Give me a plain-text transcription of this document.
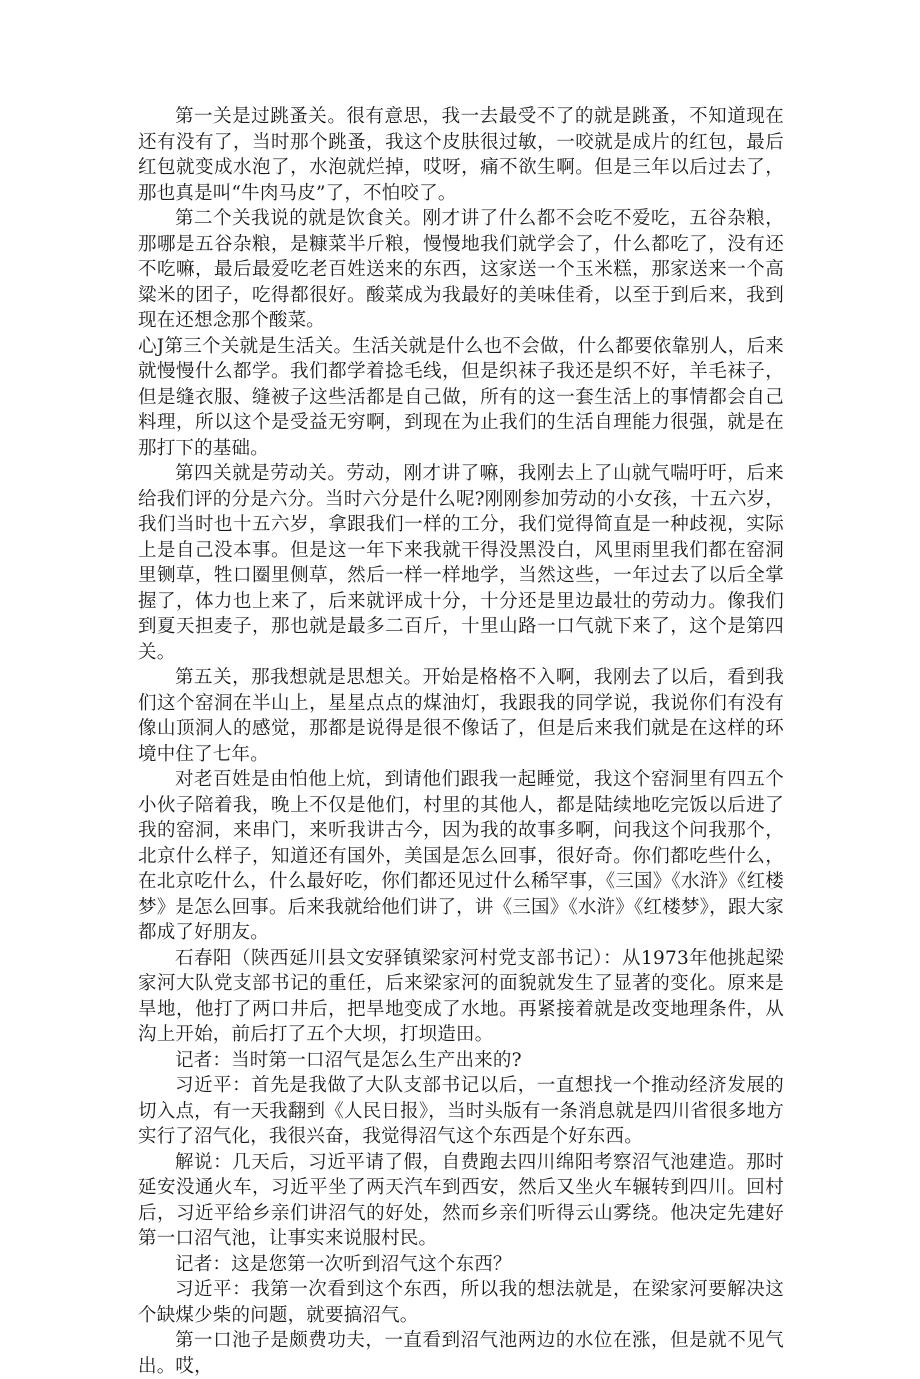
第一关是过跳蚤关。很有意思，我一去最受不了的就是跳蚤，不知道现在还有没有了，当时那个跳蚤，我这个皮肤很过敏，一咬就是成片的红包，最后红包就变成水泡了，水泡就烂掉，哎呀，痛不欲生啊。但是三年以后过去了，那也真是叫“牛肉马皮”了，不怕咬了。

第二个关我说的就是饮食关。刚才讲了什么都不会吃不爱吃，五谷杂粮，那哪是五谷杂粮，是糠菜半斤粮，慢慢地我们就学会了，什么都吃了，没有还不吃嘛，最后最爱吃老百姓送来的东西，这家送一个玉米糕，那家送来一个高粱米的团子，吃得都很好。酸菜成为我最好的美味佳肴，以至于到后来，我到现在还想念那个酸菜。

心J第三个关就是生活关。生活关就是什么也不会做，什么都要依靠别人，后来就慢慢什么都学。我们都学着捻毛线，但是织袜子我还是织不好，羊毛袜子，但是缝衣服、缝被子这些活都是自己做，所有的这一套生活上的事情都会自己料理，所以这个是受益无穷啊，到现在为止我们的生活自理能力很强，就是在那打下的基础。

第四关就是劳动关。劳动，刚才讲了嘛，我刚去上了山就气喘吁吁，后来给我们评的分是六分。当时六分是什么呢?刚刚参加劳动的小女孩，十五六岁，我们当时也十五六岁，拿跟我们一样的工分，我们觉得简直是一种歧视，实际上是自己没本事。但是这一年下来我就干得没黑没白，风里雨里我们都在窑洞里铡草，牲口圈里侧草，然后一样一样地学，当然这些，一年过去了以后全掌握了，体力也上来了，后来就评成十分，十分还是里边最壮的劳动力。像我们到夏天担麦子，那也就是最多二百斤，十里山路一口气就下来了，这个是第四关。

第五关，那我想就是思想关。开始是格格不入啊，我刚去了以后，看到我们这个窑洞在半山上，星星点点的煤油灯，我跟我的同学说，我说你们有没有像山顶洞人的感觉，那都是说得是很不像话了，但是后来我们就是在这样的环境中住了七年。

对老百姓是由怕他上炕，到请他们跟我一起睡觉，我这个窑洞里有四五个小伙子陪着我，晚上不仅是他们，村里的其他人，都是陆续地吃完饭以后进了我的窑洞，来串门，来听我讲古今，因为我的故事多啊，问我这个问我那个，北京什么样子，知道还有国外，美国是怎么回事，很好奇。你们都吃些什么，在北京吃什么，什么最好吃，你们都还见过什么稀罕事，《三国》《水浒》《红楼梦》是怎么回事。后来我就给他们讲了，讲《三国》《水浒》《红楼梦》，跟大家都成了好朋友。

石春阳（陕西延川县文安驿镇梁家河村党支部书记）：从1973年他挑起梁家河大队党支部书记的重任，后来梁家河的面貌就发生了显著的变化。原来是旱地，他打了两口井后，把旱地变成了水地。再紧接着就是改变地理条件，从沟上开始，前后打了五个大坝，打坝造田。

记者：当时第一口沼气是怎么生产出来的?

习近平：首先是我做了大队支部书记以后，一直想找一个推动经济发展的切入点，有一天我翻到《人民日报》，当时头版有一条消息就是四川省很多地方实行了沼气化，我很兴奋，我觉得沼气这个东西是个好东西。

解说：几天后，习近平请了假，自费跑去四川绵阳考察沼气池建造。那时延安没通火车，习近平坐了两天汽车到西安，然后又坐火车辗转到四川。回村后，习近平给乡亲们讲沼气的好处，然而乡亲们听得云山雾绕。他决定先建好第一口沼气池，让事实来说服村民。

记者：这是您第一次听到沼气这个东西？

习近平：我第一次看到这个东西，所以我的想法就是，在梁家河要解决这个缺煤少柴的问题，就要搞沼气。

第一口池子是颇费功夫，一直看到沼气池两边的水位在涨，但是就不见气出。哎，
